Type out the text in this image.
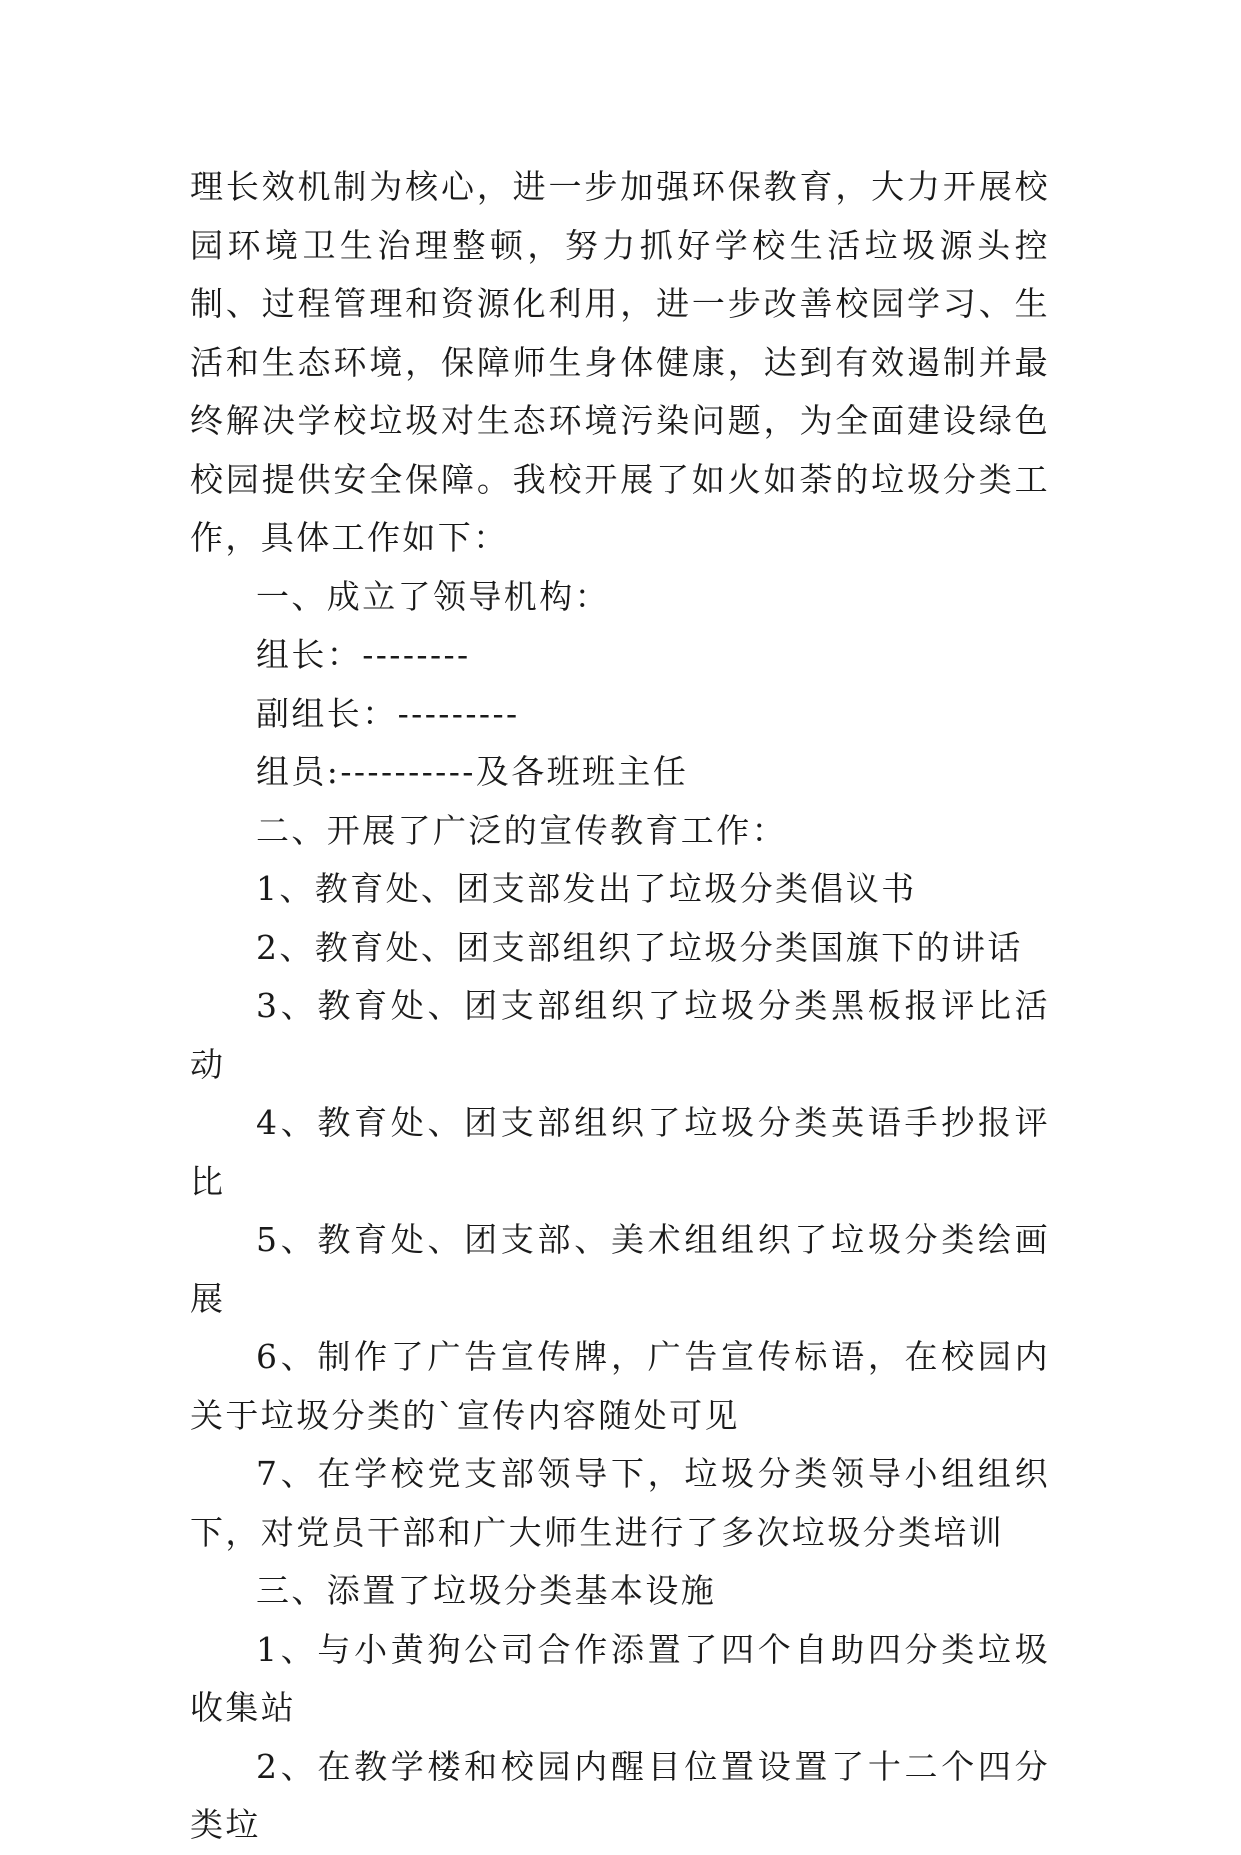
理长效机制为核心，进一步加强环保教育，大力开展校园环境卫生治理整顿，努力抓好学校生活垃圾源头控制、过程管理和资源化利用，进一步改善校园学习、生活和生态环境，保障师生身体健康，达到有效遏制并最终解决学校垃圾对生态环境污染问题，为全面建设绿色校园提供安全保障。我校开展了如火如荼的垃圾分类工作，具体工作如下：

一、成立了领导机构：

组长：--------

副组长：---------

组员:----------及各班班主任

二、开展了广泛的宣传教育工作：

1、教育处、团支部发出了垃圾分类倡议书

2、教育处、团支部组织了垃圾分类国旗下的讲话

3、教育处、团支部组织了垃圾分类黑板报评比活动

4、教育处、团支部组织了垃圾分类英语手抄报评比

5、教育处、团支部、美术组组织了垃圾分类绘画展

6、制作了广告宣传牌，广告宣传标语，在校园内关于垃圾分类的`宣传内容随处可见

7、在学校党支部领导下，垃圾分类领导小组组织下，对党员干部和广大师生进行了多次垃圾分类培训

三、添置了垃圾分类基本设施

1、与小黄狗公司合作添置了四个自助四分类垃圾收集站

2、在教学楼和校园内醒目位置设置了十二个四分类垃
